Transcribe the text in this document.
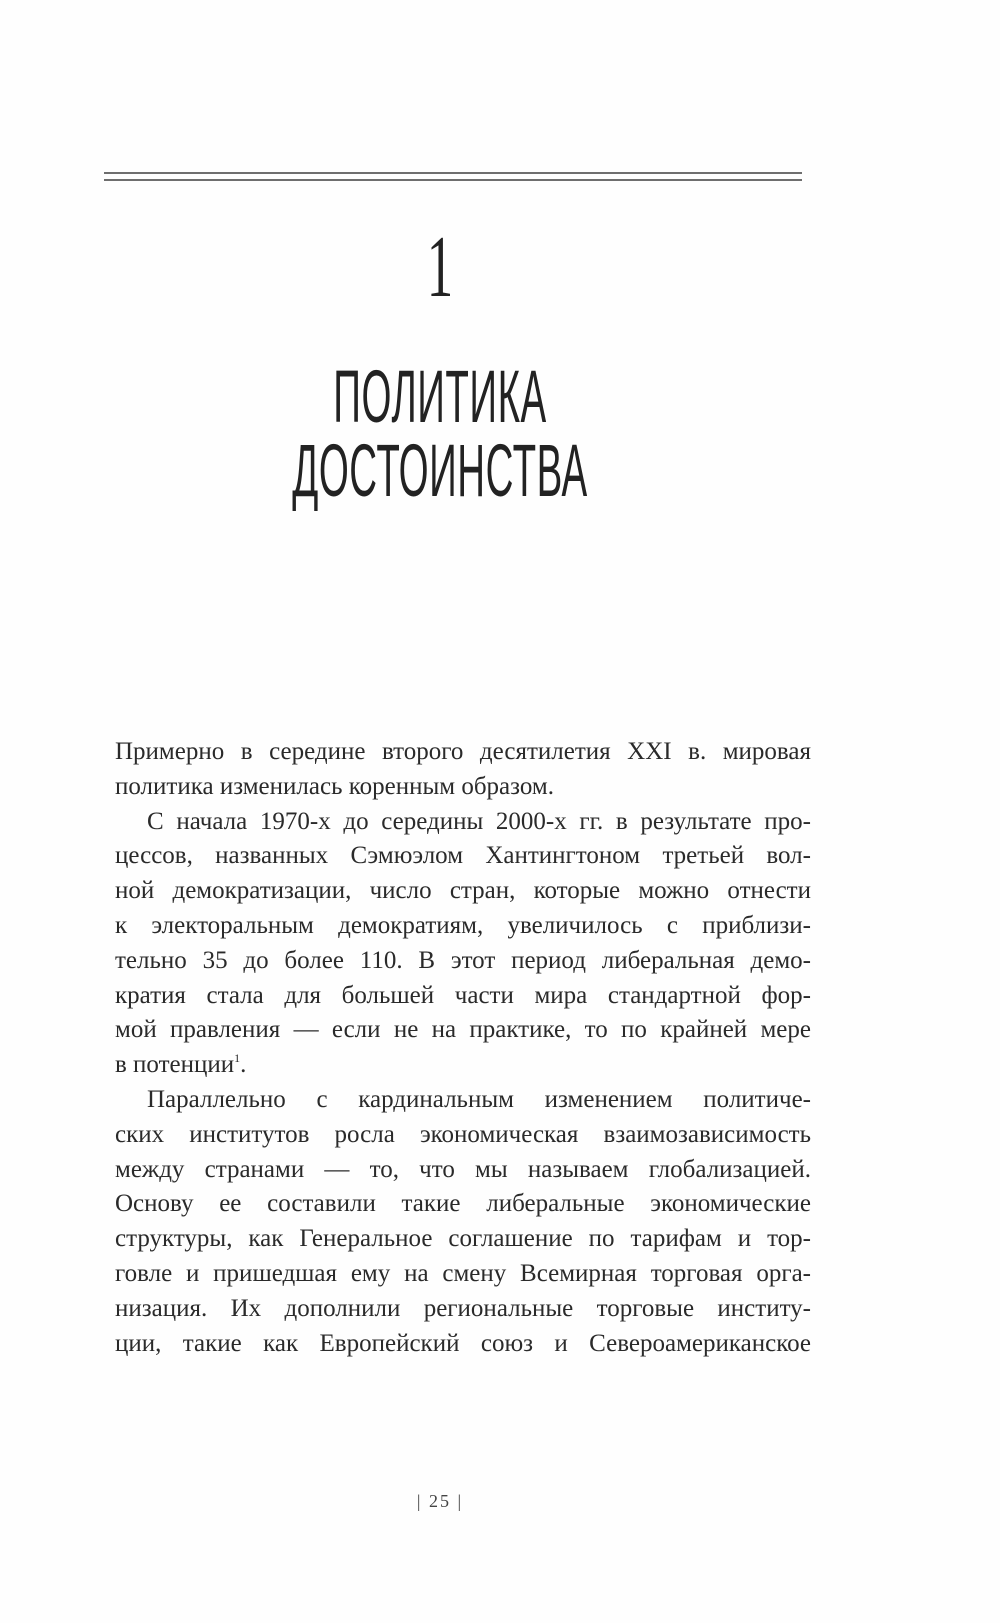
1
ПОЛИТИКА ДОСТОИНСТВА
Примерно в середине второго десятилетия XXI в. мировая
политика изменилась коренным образом.
С начала 1970-х до середины 2000-х гг. в результате про-
цессов, названных Сэмюэлом Хантингтоном третьей вол-
ной демократизации, число стран, которые можно отнести
к электоральным демократиям, увеличилось с приблизи-
тельно 35 до более 110. В этот период либеральная демо-
кратия стала для большей части мира стандартной фор-
мой правления — если не на практике, то по крайней мере
в потенции$^1$.
Параллельно с кардинальным изменением политиче-
ских институтов росла экономическая взаимозависимость
между странами — то, что мы называем глобализацией.
Основу ее составили такие либеральные экономические
структуры, как Генеральное соглашение по тарифам и тор-
говле и пришедшая ему на смену Всемирная торговая орга-
низация. Их дополнили региональные торговые институ-
ции, такие как Европейский союз и Североамериканское
| 25 |
